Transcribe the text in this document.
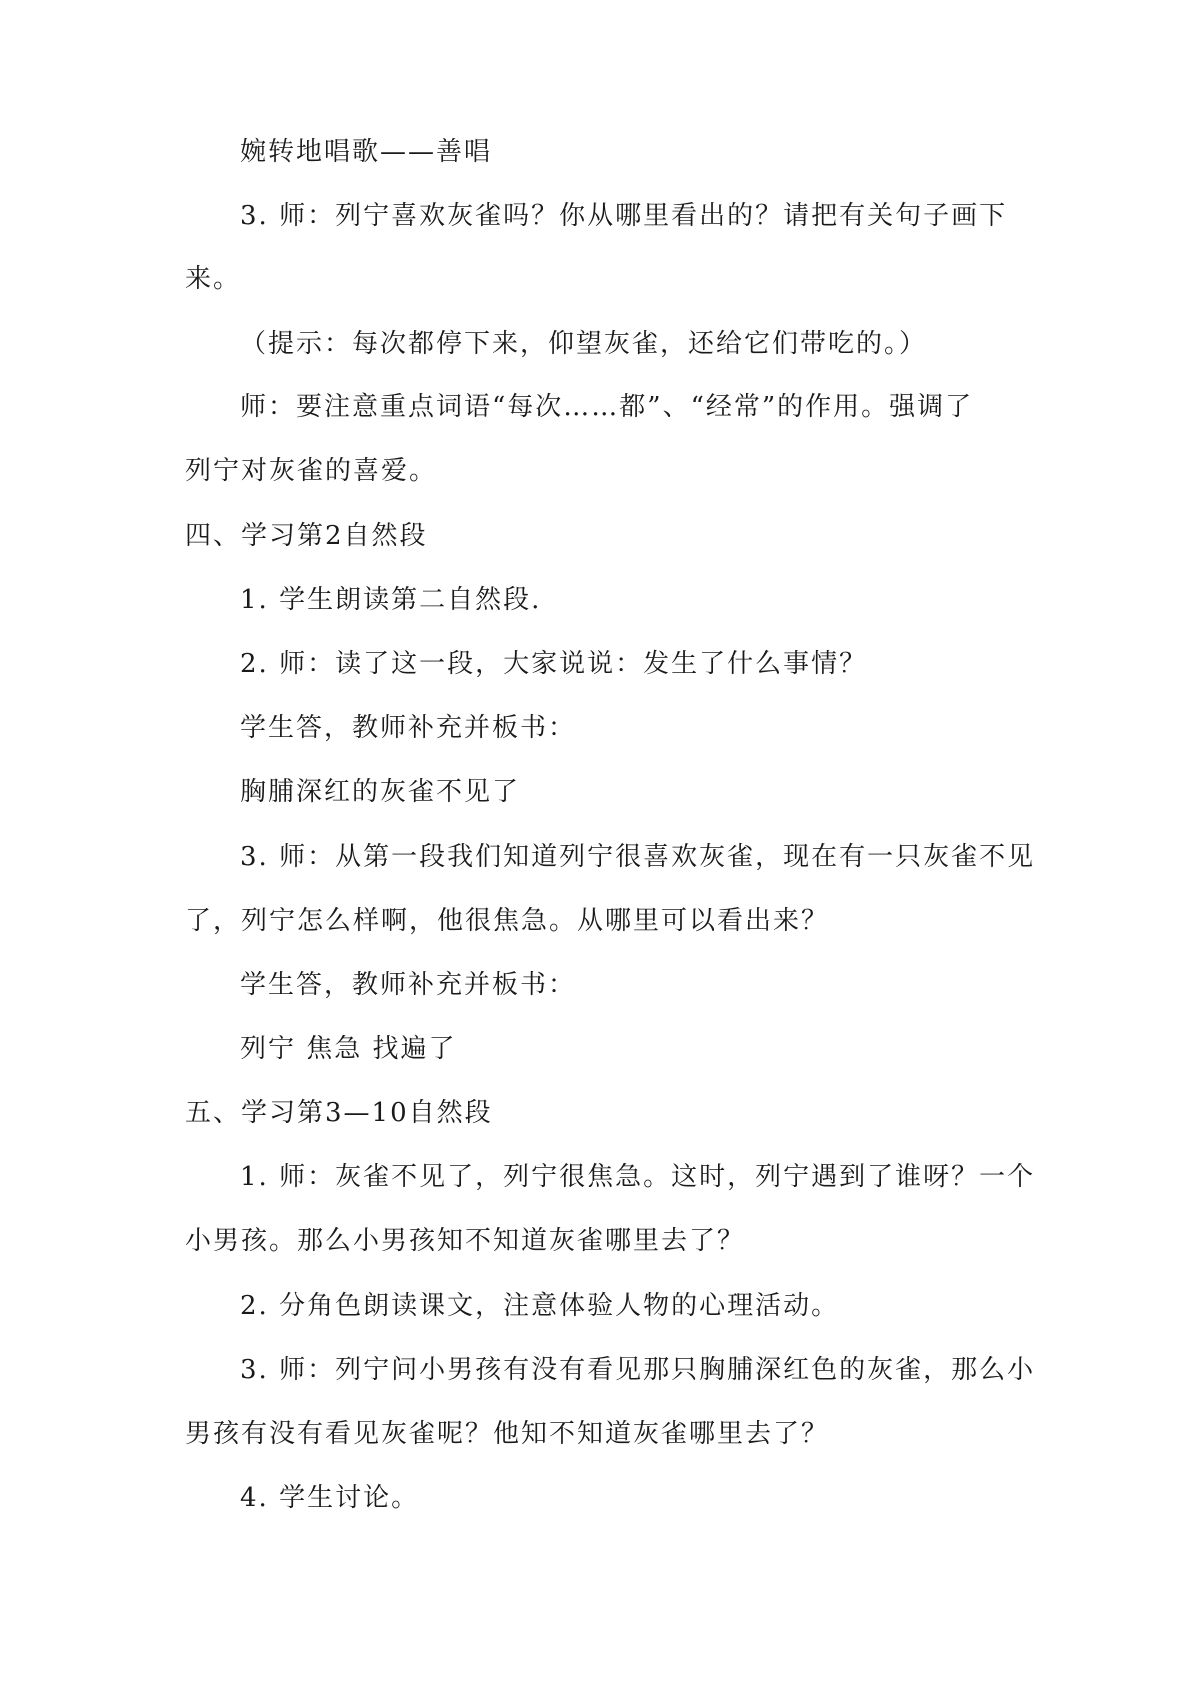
婉转地唱歌——善唱
3. 师：列宁喜欢灰雀吗？你从哪里看出的？请把有关句子画下
来。
（提示：每次都停下来，仰望灰雀，还给它们带吃的。）
师：要注意重点词语“每次……都”、“经常”的作用。强调了
列宁对灰雀的喜爱。
四、学习第2自然段
1. 学生朗读第二自然段.
2. 师：读了这一段，大家说说：发生了什么事情？
学生答，教师补充并板书：
胸脯深红的灰雀不见了
3. 师：从第一段我们知道列宁很喜欢灰雀，现在有一只灰雀不见
了，列宁怎么样啊，他很焦急。从哪里可以看出来？
学生答，教师补充并板书：
列宁 焦急 找遍了
五、学习第3—10自然段
1. 师：灰雀不见了，列宁很焦急。这时，列宁遇到了谁呀？一个
小男孩。那么小男孩知不知道灰雀哪里去了？
2. 分角色朗读课文，注意体验人物的心理活动。
3. 师：列宁问小男孩有没有看见那只胸脯深红色的灰雀，那么小
男孩有没有看见灰雀呢？他知不知道灰雀哪里去了？
4. 学生讨论。
